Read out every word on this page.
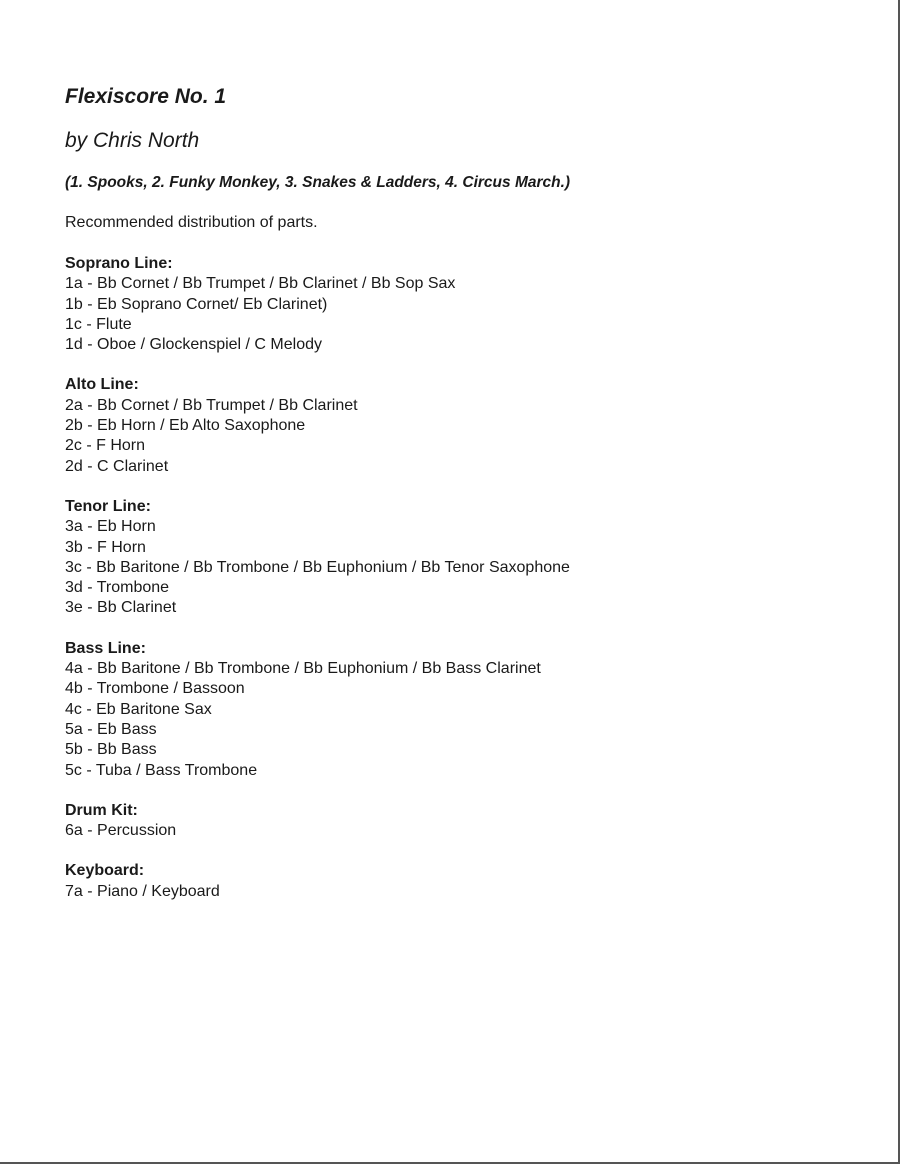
Flexiscore No. 1

by Chris North

(1. Spooks, 2. Funky Monkey, 3. Snakes & Ladders, 4. Circus March.)

Recommended distribution of parts.

Soprano Line:

1a - Bb Cornet / Bb Trumpet / Bb Clarinet / Bb Sop Sax

1b - Eb Soprano Cornet/ Eb Clarinet)

1c - Flute

1d - Oboe / Glockenspiel / C Melody

Alto Line:

2a - Bb Cornet / Bb Trumpet / Bb Clarinet

2b - Eb Horn / Eb Alto Saxophone

2c - F Horn

2d - C Clarinet

Tenor Line:

3a - Eb Horn

3b - F Horn

3c - Bb Baritone / Bb Trombone / Bb Euphonium / Bb Tenor Saxophone

3d - Trombone

3e - Bb Clarinet

Bass Line:

4a - Bb Baritone / Bb Trombone / Bb Euphonium / Bb Bass Clarinet

4b - Trombone / Bassoon

4c - Eb Baritone Sax

5a - Eb Bass

5b - Bb Bass

5c - Tuba / Bass Trombone

Drum Kit:

6a - Percussion

Keyboard:

7a - Piano / Keyboard
